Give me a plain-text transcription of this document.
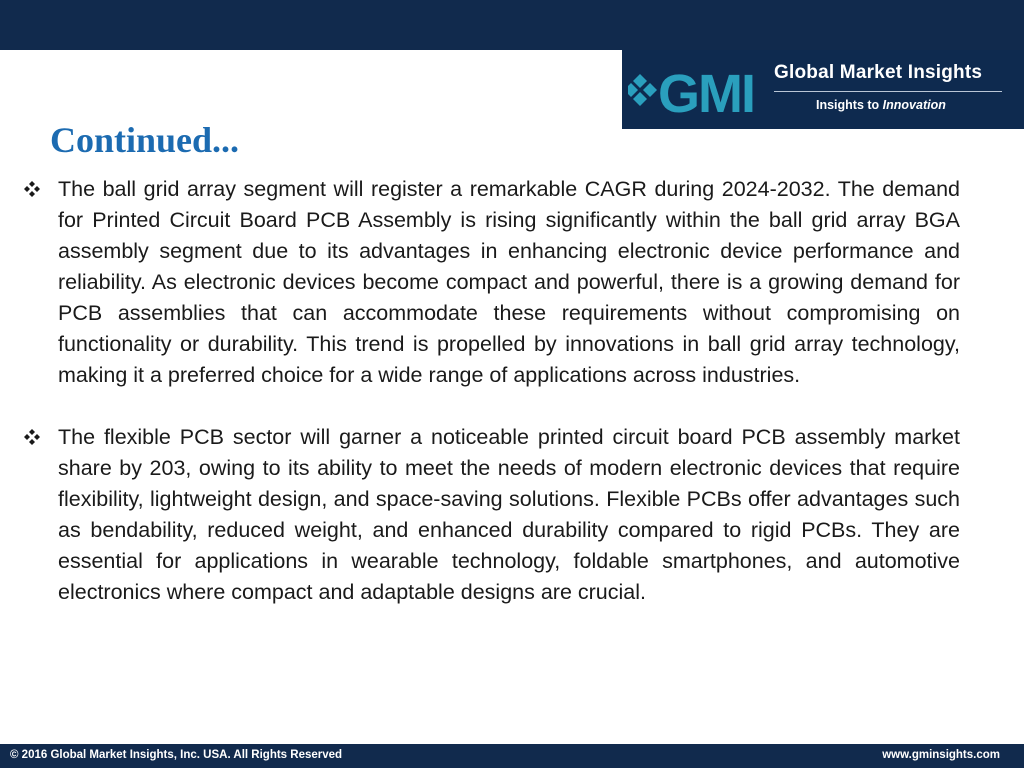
GMI Global Market Insights
Insights to Innovation
Continued...

The ball grid array segment will register a remarkable CAGR during 2024-2032. The demand for Printed Circuit Board PCB Assembly is rising significantly within the ball grid array BGA assembly segment due to its advantages in enhancing electronic device performance and reliability. As electronic devices become compact and powerful, there is a growing demand for PCB assemblies that can accommodate these requirements without compromising on functionality or durability. This trend is propelled by innovations in ball grid array technology, making it a preferred choice for a wide range of applications across industries.

The flexible PCB sector will garner a noticeable printed circuit board PCB assembly market share by 203, owing to its ability to meet the needs of modern electronic devices that require flexibility, lightweight design, and space-saving solutions. Flexible PCBs offer advantages such as bendability, reduced weight, and enhanced durability compared to rigid PCBs. They are essential for applications in wearable technology, foldable smartphones, and automotive electronics where compact and adaptable designs are crucial.

© 2016 Global Market Insights, Inc. USA. All Rights Reserved	www.gminsights.com
